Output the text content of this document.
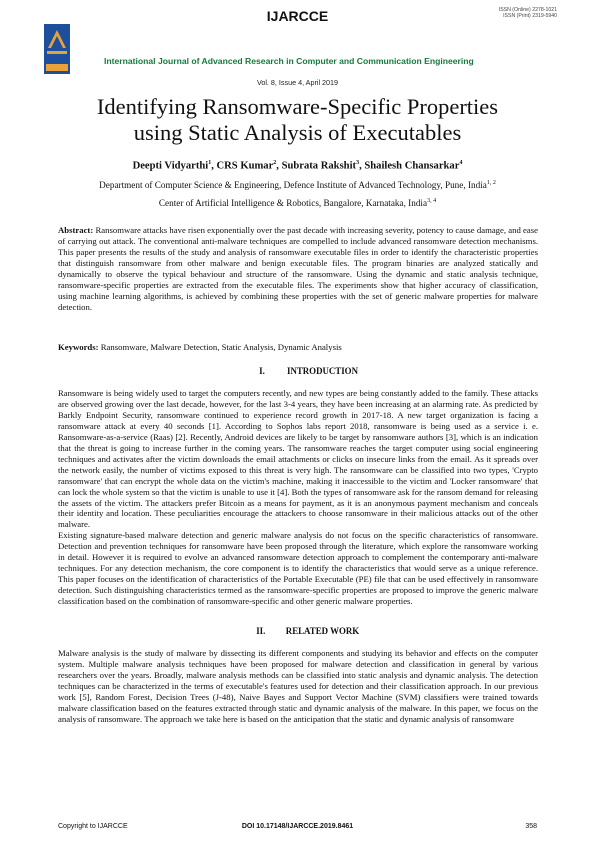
IJARCCE	ISSN (Online) 2278-1021
ISSN (Print) 2319-5940
International Journal of Advanced Research in Computer and Communication Engineering
Vol. 8, Issue 4, April 2019
Identifying Ransomware-Specific Properties
using Static Analysis of Executables
Deepti Vidyarthi$^1$, CRS Kumar$^2$, Subrata Rakshit$^3$, Shailesh Chansarkar$^4$
Department of Computer Science & Engineering, Defence Institute of Advanced Technology, Pune, India$^{1, 2}$
Center of Artificial Intelligence & Robotics, Bangalore, Karnataka, India$^{3, 4}$
Abstract: Ransomware attacks have risen exponentially over the past decade with increasing severity, potency to cause damage, and ease of carrying out attack. The conventional anti-malware techniques are compelled to include advanced ransomware detection mechanisms. This paper presents the results of the study and analysis of ransomware executable files in order to identify the characteristic properties that distinguish ransomware from other malware and benign executable files. The program binaries are analyzed statically and dynamically to observe the typical behaviour and structure of the ransomware. Using the dynamic and static analysis technique, ransomware-specific properties are extracted from the executable files. The experiments show that higher accuracy of classification, using machine learning algorithms, is achieved by combining these properties with the set of generic malware properties for malware detection.
Keywords: Ransomware, Malware Detection, Static Analysis, Dynamic Analysis
I. INTRODUCTION

Ransomware is being widely used to target the computers recently, and new types are being constantly added to the family. These attacks are observed growing over the last decade, however, for the last 3-4 years, they have been increasing at an alarming rate. As predicted by Barkly Endpoint Security, ransomware continued to experience record growth in 2017-18. A new target organization is facing a ransomware attack at every 40 seconds [1]. According to Sophos labs report 2018, ransomware is being used as a service i. e. Ransomware-as-a-service (Raas) [2]. Recently, Android devices are likely to be target by ransomware authors [3], which is an indication that the threat is going to increase further in the coming years. The ransomware reaches the target computer using social engineering techniques and activates after the victim downloads the email attachments or clicks on insecure links from the email. As it spreads over the network easily, the number of victims exposed to this threat is very high. The ransomware can be classified into two types, 'Crypto ransomware' that can encrypt the whole data on the victim's machine, making it inaccessible to the victim and 'Locker ransomware' that can lock the whole system so that the victim is unable to use it [4]. Both the types of ransomware ask for the ransom demand for releasing the assets of the victim. The attackers prefer Bitcoin as a means for payment, as it is an anonymous payment mechanism and conceals their identity and location. These peculiarities encourage the attackers to choose ransomware in their malicious attacks out of the other malware.

Existing signature-based malware detection and generic malware analysis do not focus on the specific characteristics of ransomware. Detection and prevention techniques for ransomware have been proposed through the literature, which explore the ransomware working in detail. However it is required to evolve an advanced ransomware detection approach to complement the contemporary anti-malware techniques. For any detection mechanism, the core component is to identify the characteristics that would serve as a unique reference. This paper focuses on the identification of characteristics of the Portable Executable (PE) file that can be used effectively in ransomware detection. Such distinguishing characteristics termed as the ransomware-specific properties are proposed to improve the generic malware classification based on the combination of ransomware-specific and other generic malware properties.

II. RELATED WORK

Malware analysis is the study of malware by dissecting its different components and studying its behavior and effects on the computer system. Multiple malware analysis techniques have been proposed for malware detection and classification in general by various researchers over the years. Broadly, malware analysis methods can be classified into static analysis and dynamic analysis. The detection techniques can be characterized in the terms of executable's features used for detection and their classification approach. In our previous work [5], Random Forest, Decision Trees (J-48), Naive Bayes and Support Vector Machine (SVM) classifiers were trained towards malware classification based on the features extracted through static and dynamic analysis of the malware. In this paper, we focus on the analysis of ransomware. The approach we take here is based on the anticipation that the static and dynamic analysis of ransomware

Copyright to IJARCCE	DOI 10.17148/IJARCCE.2019.8461	358
